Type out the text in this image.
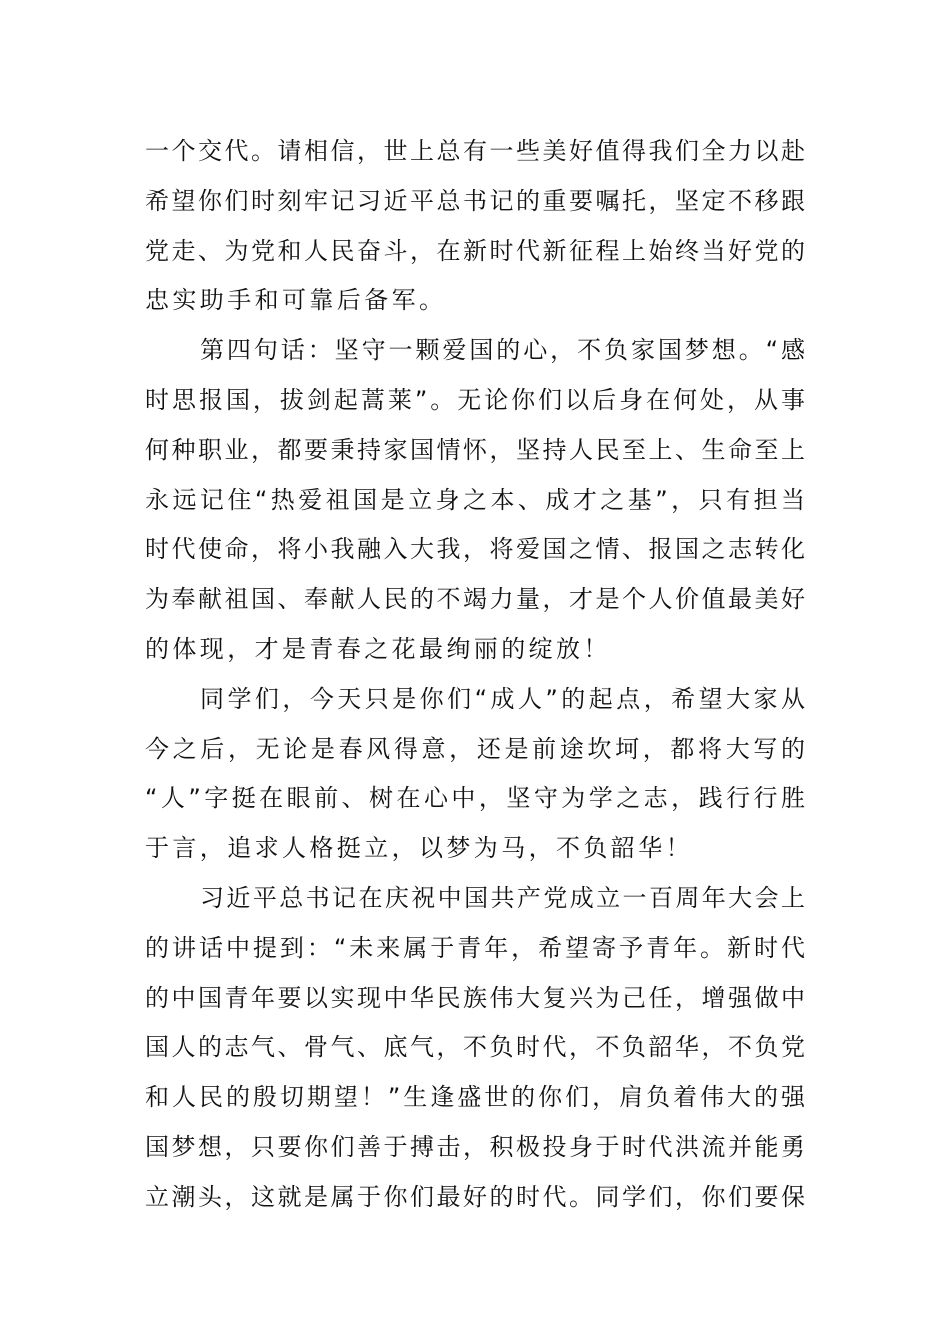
一个交代。请相信，世上总有一些美好值得我们全力以赴
希望你们时刻牢记习近平总书记的重要嘱托，坚定不移跟
党走、为党和人民奋斗，在新时代新征程上始终当好党的
忠实助手和可靠后备军。
第四句话：坚守一颗爱国的心，不负家国梦想。“感
时思报国，拔剑起蒿莱”。无论你们以后身在何处，从事
何种职业，都要秉持家国情怀，坚持人民至上、生命至上
永远记住“热爱祖国是立身之本、成才之基”，只有担当
时代使命，将小我融入大我，将爱国之情、报国之志转化
为奉献祖国、奉献人民的不竭力量，才是个人价值最美好
的体现，才是青春之花最绚丽的绽放！
同学们，今天只是你们“成人”的起点，希望大家从
今之后，无论是春风得意，还是前途坎坷，都将大写的
“人”字挺在眼前、树在心中，坚守为学之志，践行行胜
于言，追求人格挺立，以梦为马，不负韶华！
习近平总书记在庆祝中国共产党成立一百周年大会上
的讲话中提到：“未来属于青年，希望寄予青年。新时代
的中国青年要以实现中华民族伟大复兴为己任，增强做中
国人的志气、骨气、底气，不负时代，不负韶华，不负党
和人民的殷切期望！”生逢盛世的你们，肩负着伟大的强
国梦想，只要你们善于搏击，积极投身于时代洪流并能勇
立潮头，这就是属于你们最好的时代。同学们，你们要保
